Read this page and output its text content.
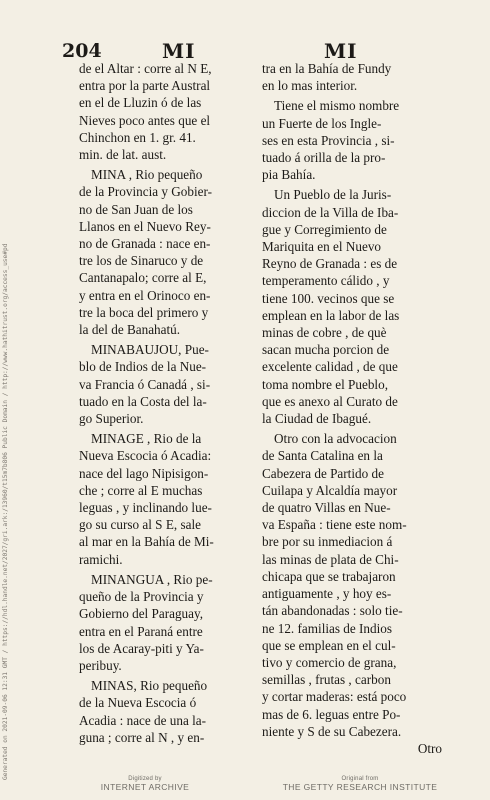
Generated on 2021-09-06 12:31 GMT / https://hdl.handle.net/2027/gri.ark:/13960/t15m7b806 Public Domain / http://www.hathitrust.org/access_use#pd
204	MI	MI
de el Altar : corre al N E,
entra por la parte Austral
en el de Lluzin ó de las
Nieves poco antes que el
Chinchon en 1. gr. 41.
min. de lat. aust.
MINA , Rio pequeño
de la Provincia y Gobier-
no de San Juan de los
Llanos en el Nuevo Rey-
no de Granada : nace en-
tre los de Sinaruco y de
Cantanapalo; corre al E,
y entra en el Orinoco en-
tre la boca del primero y
la del de Banahatú.
MINABAUJOU, Pue-
blo de Indios de la Nue-
va Francia ó Canadá , si-
tuado en la Costa del la-
go Superior.
MINAGE , Rio de la
Nueva Escocia ó Acadia:
nace del lago Nipisigon-
che ; corre al E muchas
leguas , y inclinando lue-
go su curso al S E, sale
al mar en la Bahía de Mi-
ramichi.
MINANGUA , Rio pe-
queño de la Provincia y
Gobierno del Paraguay,
entra en el Paraná entre
los de Acaray-piti y Ya-
peribuy.
MINAS, Rio pequeño
de la Nueva Escocia ó
Acadia : nace de una la-
guna ; corre al N , y en-
tra en la Bahía de Fundy
en lo mas interior.
Tiene el mismo nombre
un Fuerte de los Ingle-
ses en esta Provincia , si-
tuado á orilla de la pro-
pia Bahía.
Un Pueblo de la Juris-
diccion de la Villa de Iba-
gue y Corregimiento de
Mariquita en el Nuevo
Reyno de Granada : es de
temperamento cálido , y
tiene 100. vecinos que se
emplean en la labor de las
minas de cobre , de què
sacan mucha porcion de
excelente calidad , de que
toma nombre el Pueblo,
que es anexo al Curato de
la Ciudad de Ibagué.
Otro con la advocacion
de Santa Catalina en la
Cabezera de Partido de
Cuilapa y Alcaldía mayor
de quatro Villas en Nue-
va España : tiene este nom-
bre por su inmediacion á
las minas de plata de Chi-
chicapa que se trabajaron
antiguamente , y hoy es-
tán abandonadas : solo tie-
ne 12. familias de Indios
que se emplean en el cul-
tivo y comercio de grana,
semillas , frutas , carbon
y cortar maderas: está poco
mas de 6. leguas entre Po-
niente y S de su Cabezera.
Otro
Digitized by
INTERNET ARCHIVE
Original from
THE GETTY RESEARCH INSTITUTE
